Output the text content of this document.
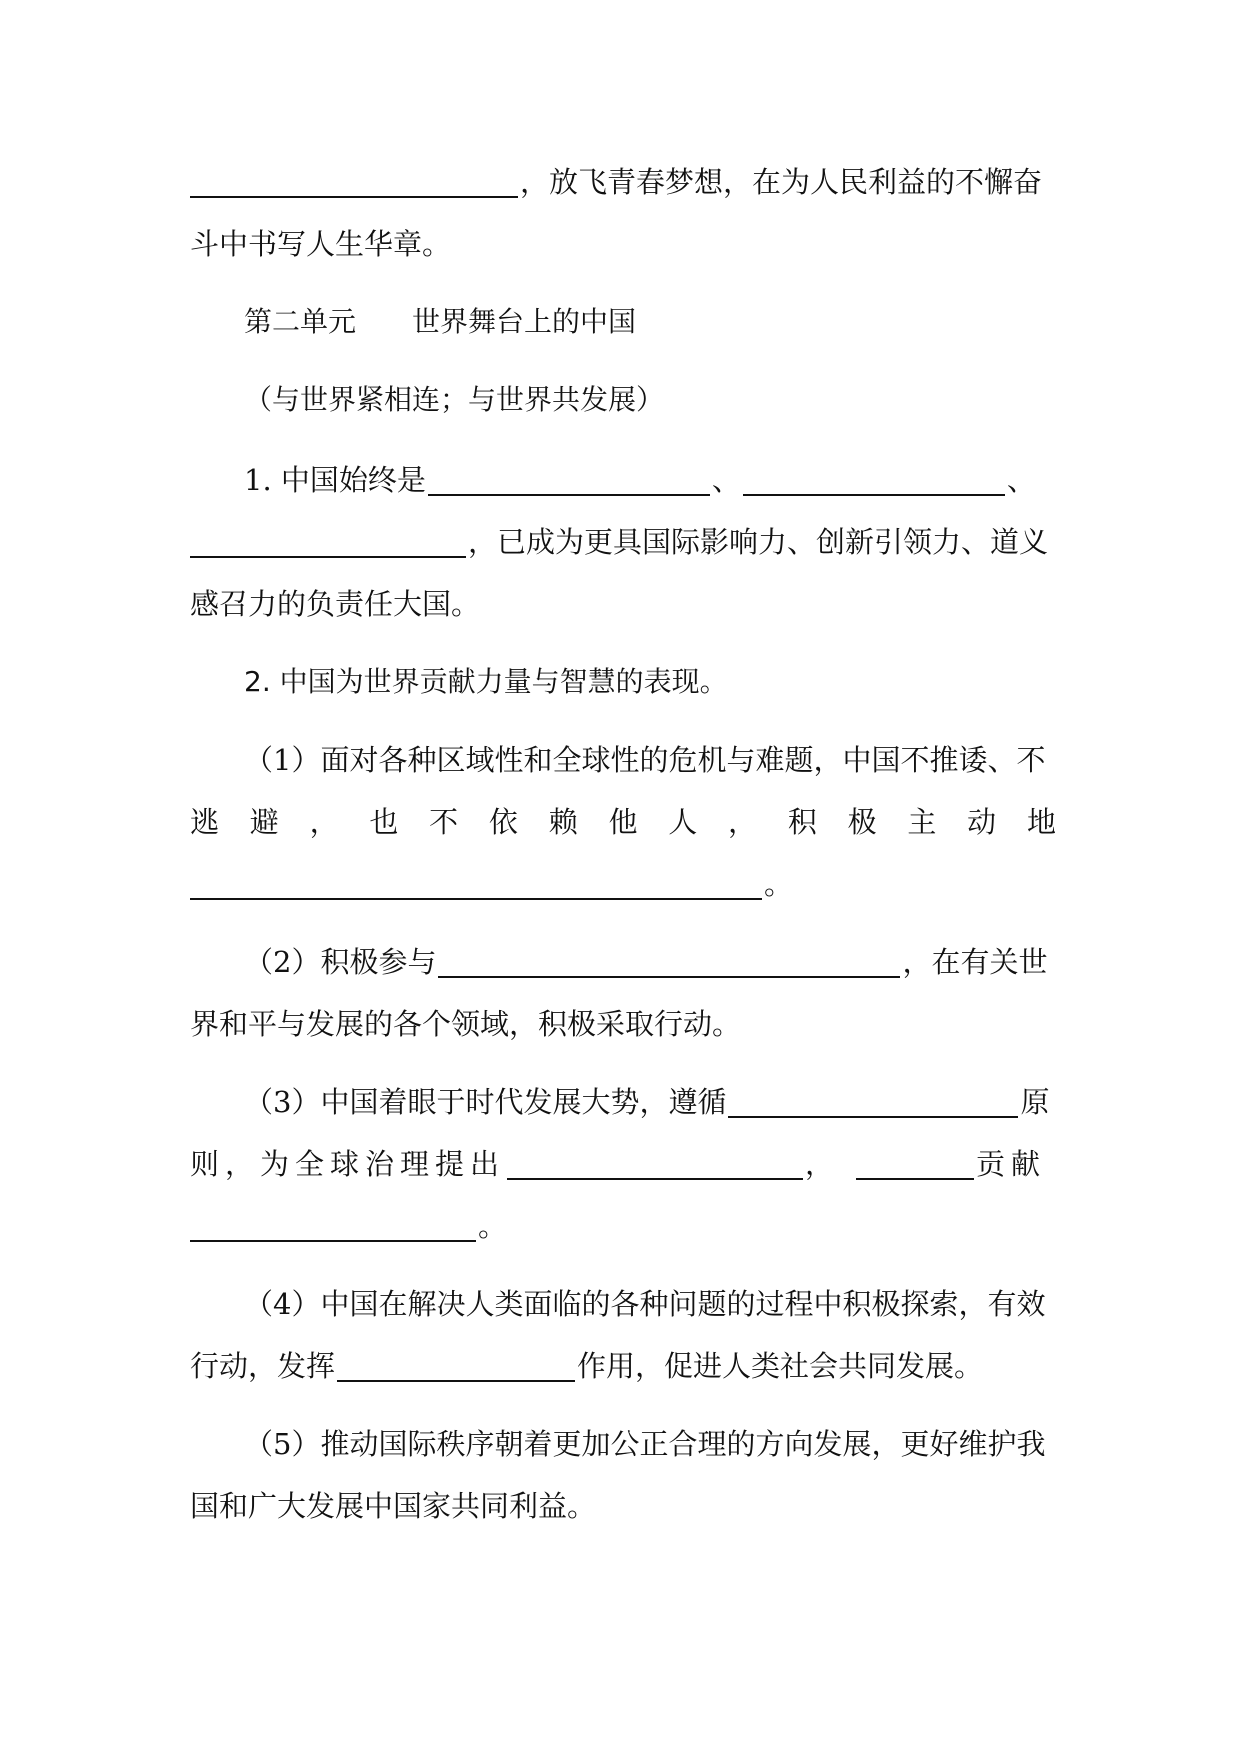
，放飞青春梦想，在为人民利益的不懈奋
斗中书写人生华章。
第二单元 世界舞台上的中国
（与世界紧相连；与世界共发展）
1. 中国始终是	、	、
，已成为更具国际影响力、创新引领力、道义
感召力的负责任大国。
2. 中国为世界贡献力量与智慧的表现。
（1）面对各种区域性和全球性的危机与难题，中国不推诿、不
逃 避 ， 也 不 依 赖 他 人 ， 积 极 主 动 地
。
（2）积极参与	，在有关世
界和平与发展的各个领域，积极采取行动。
（3）中国着眼于时代发展大势，遵循	原
则，为全球治理提出	，	贡献
。
（4）中国在解决人类面临的各种问题的过程中积极探索，有效
行动，发挥	作用，促进人类社会共同发展。
（5）推动国际秩序朝着更加公正合理的方向发展，更好维护我
国和广大发展中国家共同利益。
